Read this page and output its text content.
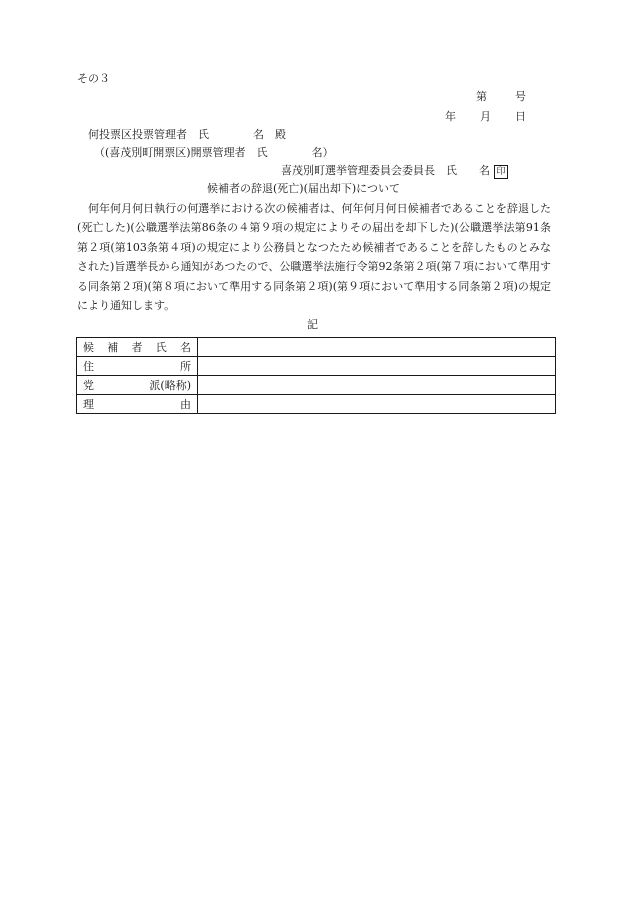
その３
第	号
年 月 日
何投票区投票管理者　氏　　　　名　殿
（(喜茂別町開票区)開票管理者　氏　　　　名）
喜茂別町選挙管理委員会委員長　氏　　名 印
候補者の辞退(死亡)(届出却下)について
何年何月何日執行の何選挙における次の候補者は、何年何月何日候補者であることを辞退した(死亡した)(公職選挙法第86条の４第９項の規定によりその届出を却下した)(公職選挙法第91条第２項(第103条第４項)の規定により公務員となつたため候補者であることを辞したものとみなされた)旨選挙長から通知があつたので、公職選挙法施行令第92条第２項(第７項において準用する同条第２項)(第８項において準用する同条第２項)(第９項において準用する同条第２項)の規定により通知します。
記
候 補 者 氏 名	

住 所	

党 派(略称)	

理 由	
